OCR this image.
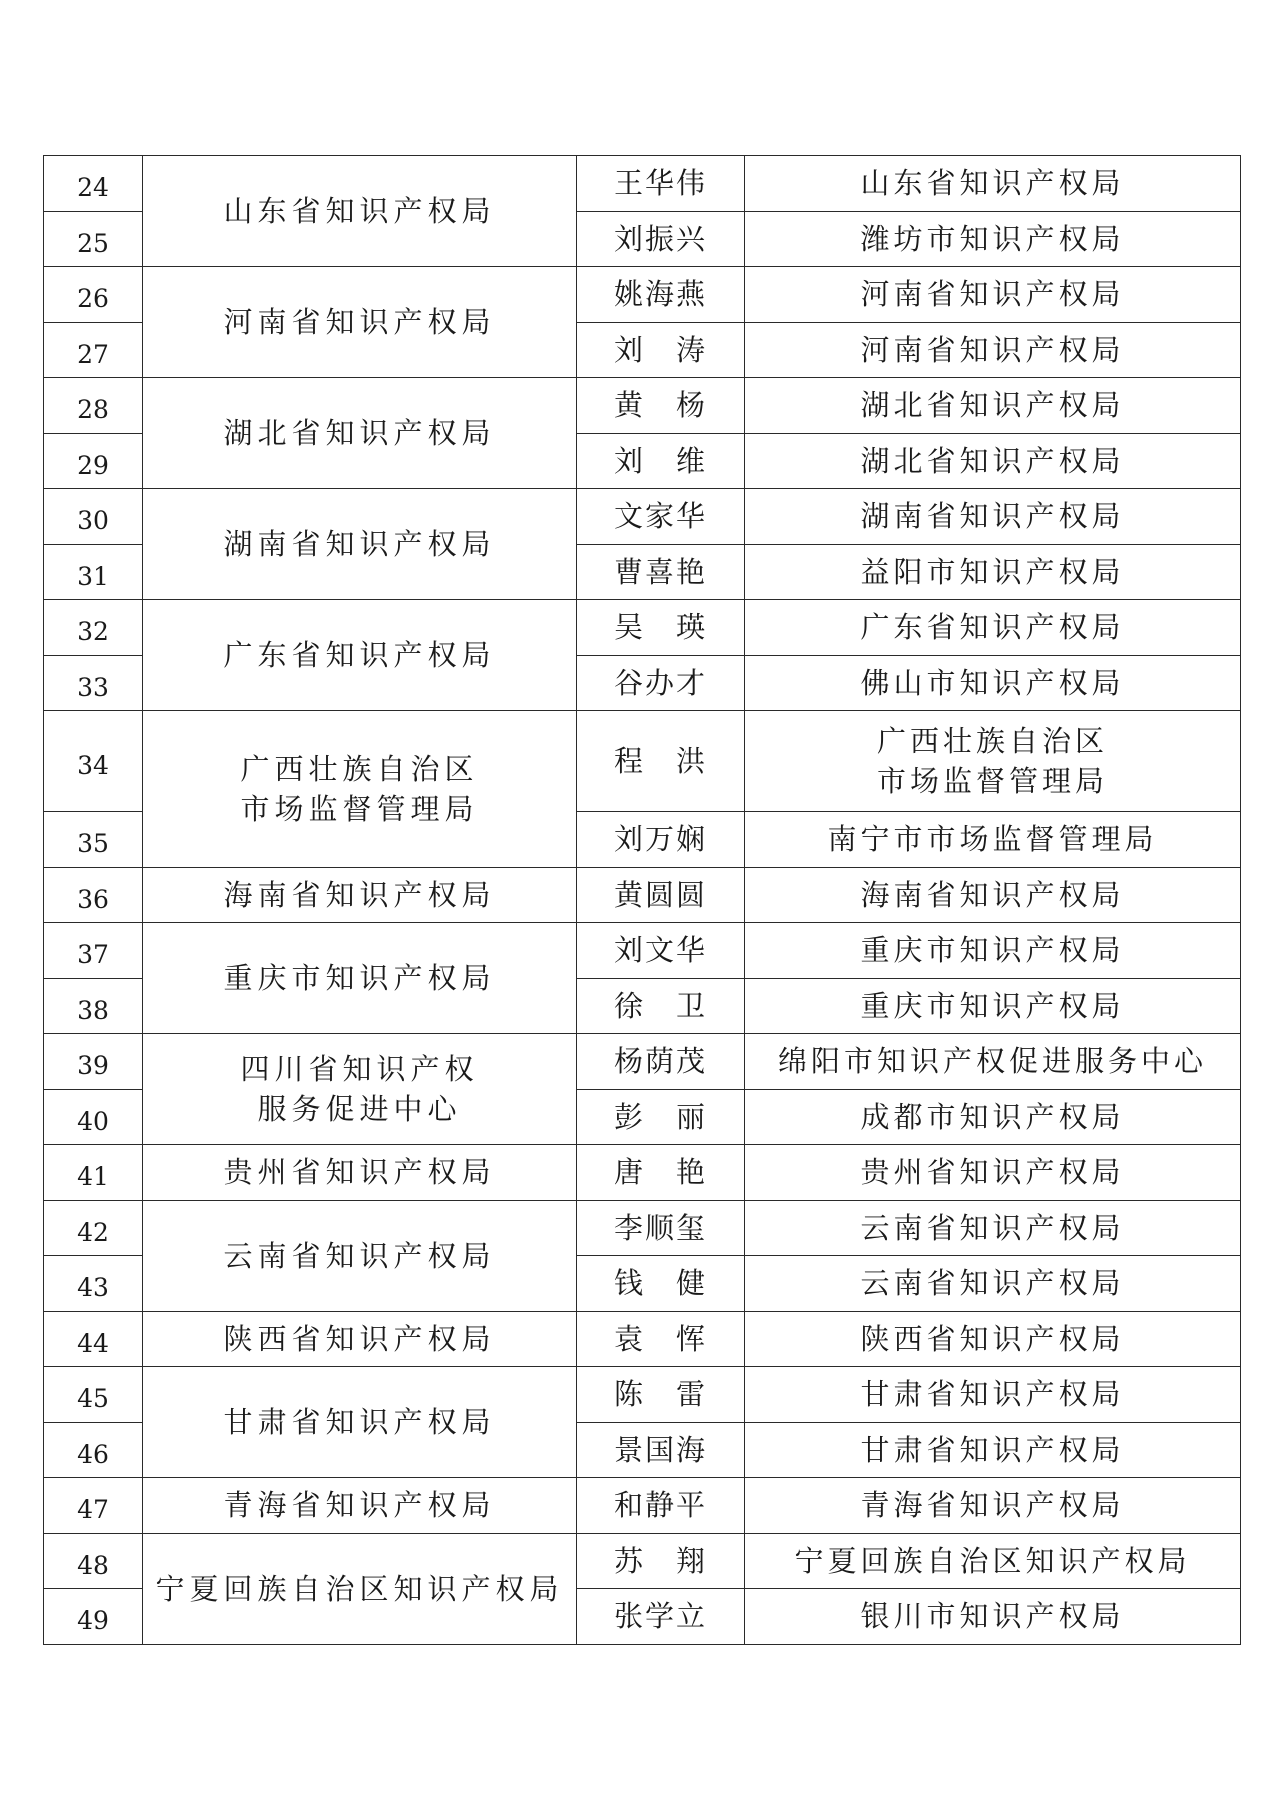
24	山东省知识产权局	王华伟	山东省知识产权局

25		刘振兴	潍坊市知识产权局

26	河南省知识产权局	姚海燕	河南省知识产权局

27		刘　涛	河南省知识产权局

28	湖北省知识产权局	黄　杨	湖北省知识产权局

29		刘　维	湖北省知识产权局

30	湖南省知识产权局	文家华	湖南省知识产权局

31		曹喜艳	益阳市知识产权局

32	广东省知识产权局	吴　瑛	广东省知识产权局

33		谷办才	佛山市知识产权局

34	广西壮族自治区
市场监督管理局	程　洪	广西壮族自治区
市场监督管理局

35		刘万娴	南宁市市场监督管理局

36	海南省知识产权局	黄圆圆	海南省知识产权局

37	重庆市知识产权局	刘文华	重庆市知识产权局

38		徐　卫	重庆市知识产权局

39	四川省知识产权
服务促进中心	杨荫茂	绵阳市知识产权促进服务中心

40		彭　丽	成都市知识产权局

41	贵州省知识产权局	唐　艳	贵州省知识产权局

42	云南省知识产权局	李顺玺	云南省知识产权局

43		钱　健	云南省知识产权局

44	陕西省知识产权局	袁　恽	陕西省知识产权局

45	甘肃省知识产权局	陈　雷	甘肃省知识产权局

46		景国海	甘肃省知识产权局

47	青海省知识产权局	和静平	青海省知识产权局

48	宁夏回族自治区知识产权局	苏　翔	宁夏回族自治区知识产权局

49		张学立	银川市知识产权局
